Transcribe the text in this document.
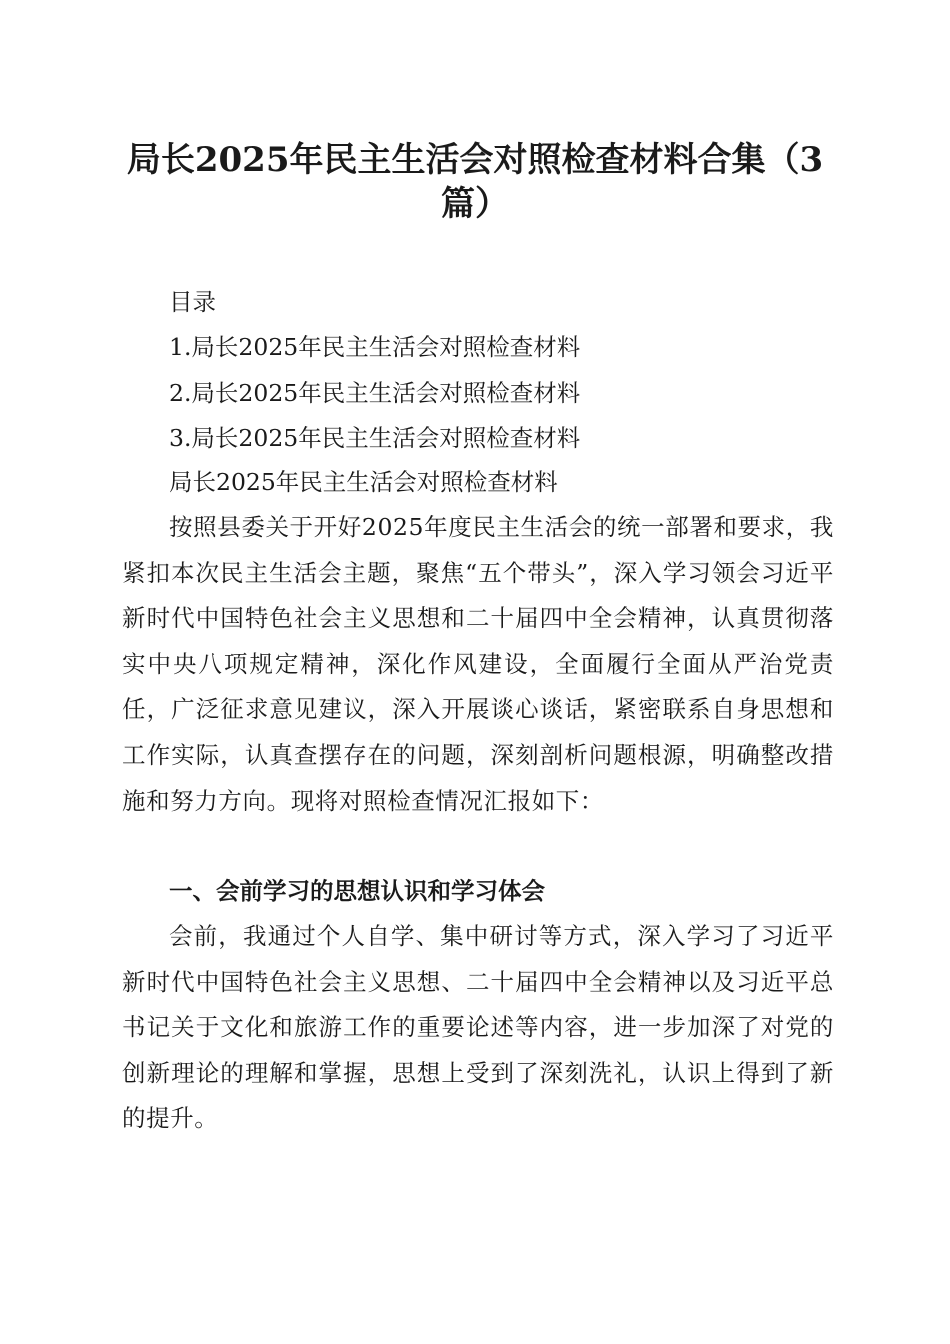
局长2025年民主生活会对照检查材料合集（3篇）

目录

1.局长2025年民主生活会对照检查材料

2.局长2025年民主生活会对照检查材料

3.局长2025年民主生活会对照检查材料

局长2025年民主生活会对照检查材料

按照县委关于开好2025年度民主生活会的统一部署和要求，我紧扣本次民主生活会主题，聚焦“五个带头”，深入学习领会习近平新时代中国特色社会主义思想和二十届四中全会精神，认真贯彻落实中央八项规定精神，深化作风建设，全面履行全面从严治党责任，广泛征求意见建议，深入开展谈心谈话，紧密联系自身思想和工作实际，认真查摆存在的问题，深刻剖析问题根源，明确整改措施和努力方向。现将对照检查情况汇报如下：

一、会前学习的思想认识和学习体会

会前，我通过个人自学、集中研讨等方式，深入学习了习近平新时代中国特色社会主义思想、二十届四中全会精神以及习近平总书记关于文化和旅游工作的重要论述等内容，进一步加深了对党的创新理论的理解和掌握，思想上受到了深刻洗礼，认识上得到了新的提升。
